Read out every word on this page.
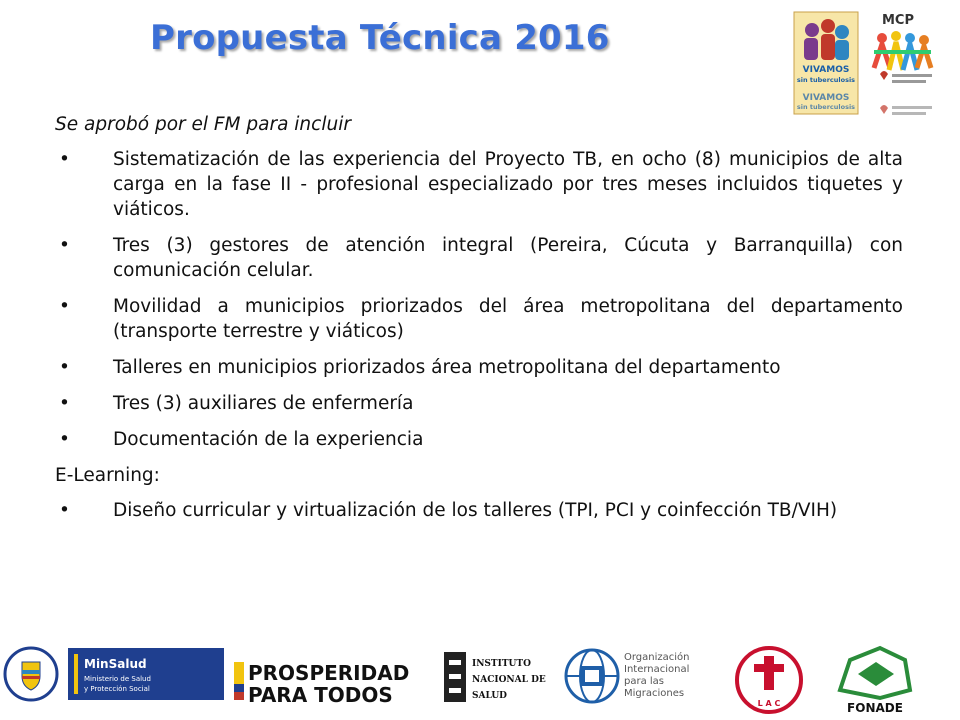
Propuesta Técnica 2016
VIVAMOS
sin tuberculosis
VIVAMOS
sin tuberculosis
MCP

Se aprobó por el FM para incluir

• Sistematización de las experiencia del Proyecto TB, en ocho (8) municipios de alta carga en la fase II - profesional especializado por tres meses incluidos tiquetes y viáticos.
• Tres (3) gestores de atención integral (Pereira, Cúcuta y Barranquilla) con comunicación celular.
• Movilidad a municipios priorizados del área metropolitana del departamento (transporte terrestre y viáticos)
• Talleres en municipios priorizados área metropolitana del departamento
• Tres (3) auxiliares de enfermería
• Documentación de la experiencia

E-Learning:

• Diseño curricular y virtualización de los talleres (TPI, PCI y coinfección TB/VIH)
MinSalud
Ministerio de Salud
y Protección Social
PROSPERIDAD
PARA TODOS
INSTITUTO
NACIONAL DE
SALUD
Organización
Internacional
para las
Migraciones
L A C	FONADE
